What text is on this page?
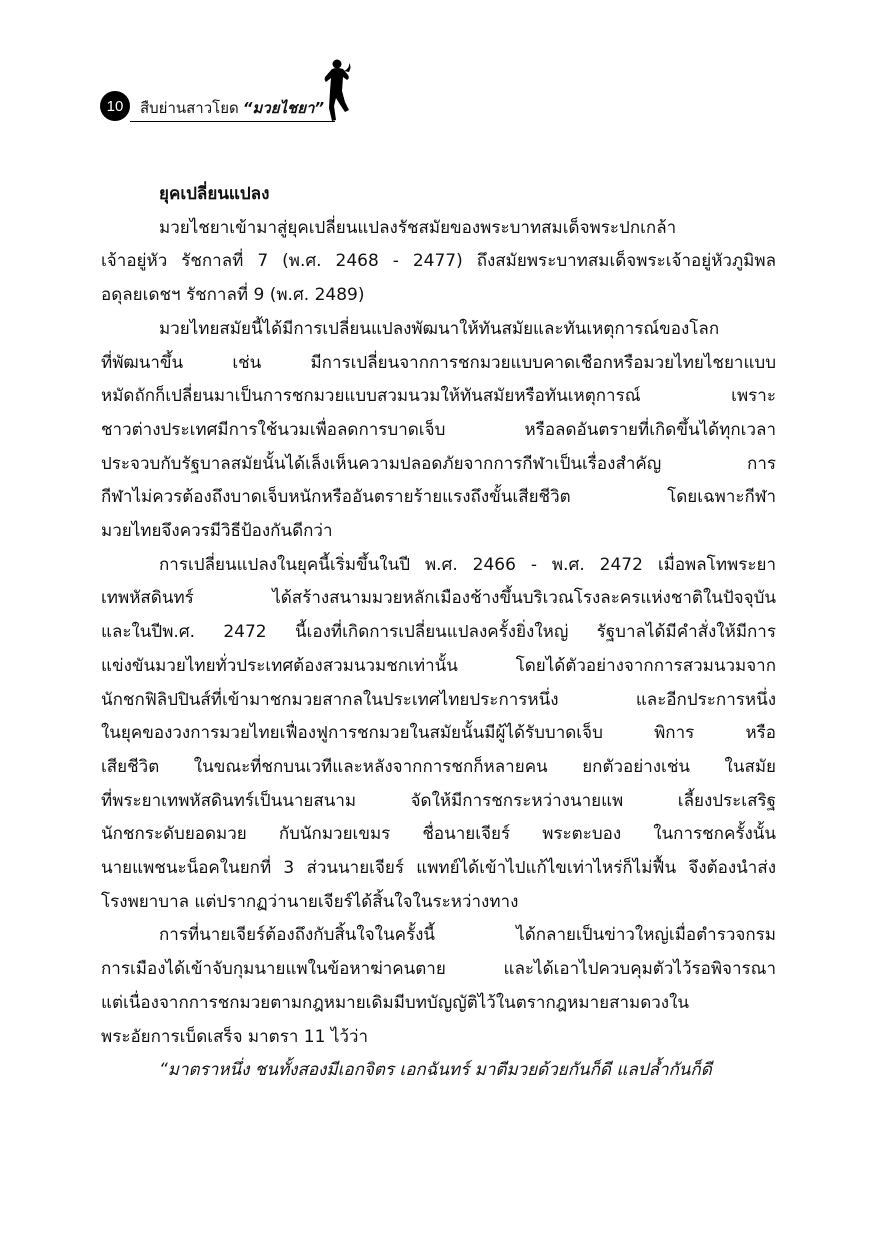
10	สืบย่านสาวโยด “มวยไชยา”
ยุคเปลี่ยนแปลง
มวยไชยาเข้ามาสู่ยุคเปลี่ยนแปลงรัชสมัยของพระบาทสมเด็จพระปกเกล้า
เจ้าอยู่หัว รัชกาลที่ 7 (พ.ศ. 2468 - 2477) ถึงสมัยพระบาทสมเด็จพระเจ้าอยู่หัวภูมิพล
อดุลยเดชฯ รัชกาลที่ 9 (พ.ศ. 2489)
มวยไทยสมัยนี้ได้มีการเปลี่ยนแปลงพัฒนาให้ทันสมัยและทันเหตุการณ์ของโลก
ที่พัฒนาขึ้น เช่น มีการเปลี่ยนจากการชกมวยแบบคาดเชือกหรือมวยไทยไชยาแบบ
หมัดถักก็เปลี่ยนมาเป็นการชกมวยแบบสวมนวมให้ทันสมัยหรือทันเหตุการณ์ เพราะ
ชาวต่างประเทศมีการใช้นวมเพื่อลดการบาดเจ็บ หรือลดอันตรายที่เกิดขึ้นได้ทุกเวลา
ประจวบกับรัฐบาลสมัยนั้นได้เล็งเห็นความปลอดภัยจากการกีฬาเป็นเรื่องสำคัญ การ
กีฬาไม่ควรต้องถึงบาดเจ็บหนักหรืออันตรายร้ายแรงถึงขั้นเสียชีวิต โดยเฉพาะกีฬา
มวยไทยจึงควรมีวิธีป้องกันดีกว่า
การเปลี่ยนแปลงในยุคนี้เริ่มขึ้นในปี พ.ศ. 2466 - พ.ศ. 2472 เมื่อพลโทพระยา
เทพหัสดินทร์ ได้สร้างสนามมวยหลักเมืองช้างขึ้นบริเวณโรงละครแห่งชาติในปัจจุบัน
และในปีพ.ศ. 2472 นี้เองที่เกิดการเปลี่ยนแปลงครั้งยิ่งใหญ่ รัฐบาลได้มีคำสั่งให้มีการ
แข่งขันมวยไทยทั่วประเทศต้องสวมนวมชกเท่านั้น โดยได้ตัวอย่างจากการสวมนวมจาก
นักชกฟิลิปปินส์ที่เข้ามาชกมวยสากลในประเทศไทยประการหนึ่ง และอีกประการหนึ่ง
ในยุคของวงการมวยไทยเฟื่องฟูการชกมวยในสมัยนั้นมีผู้ได้รับบาดเจ็บ พิการ หรือ
เสียชีวิต ในขณะที่ชกบนเวทีและหลังจากการชกก็หลายคน ยกตัวอย่างเช่น ในสมัย
ที่พระยาเทพหัสดินทร์เป็นนายสนาม จัดให้มีการชกระหว่างนายแพ เลี้ยงประเสริฐ
นักชกระดับยอดมวย กับนักมวยเขมร ชื่อนายเจียร์ พระตะบอง ในการชกครั้งนั้น
นายแพชนะน็อคในยกที่ 3 ส่วนนายเจียร์ แพทย์ได้เข้าไปแก้ไขเท่าไหร่ก็ไม่ฟื้น จึงต้องนำส่ง
โรงพยาบาล แต่ปรากฏว่านายเจียร์ได้สิ้นใจในระหว่างทาง
การที่นายเจียร์ต้องถึงกับสิ้นใจในครั้งนี้ ได้กลายเป็นข่าวใหญ่เมื่อตำรวจกรม
การเมืองได้เข้าจับกุมนายแพในข้อหาฆ่าคนตาย และได้เอาไปควบคุมตัวไว้รอพิจารณา
แต่เนื่องจากการชกมวยตามกฎหมายเดิมมีบทบัญญัติไว้ในตรากฎหมายสามดวงใน
พระอัยการเบ็ดเสร็จ มาตรา 11 ไว้ว่า
“มาตราหนึ่ง ชนทั้งสองมีเอกจิตร เอกฉันทร์ มาตีมวยด้วยกันก็ดี แลปล้ำกันก็ดี
